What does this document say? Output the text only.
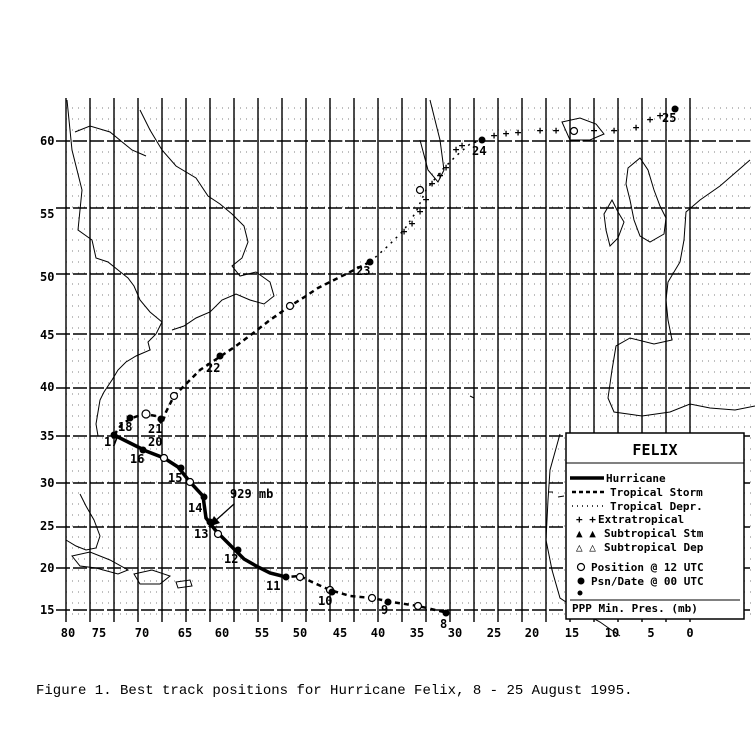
+
+
+
+
+
+
+
+ +
+ + + + +	+ + +
+ +
60
55
50
45
40
35
30
25
20
15
80 75 70 65 60 55 50 45 40 35 30 25 20 15 10 5	0
8
9
10
11
12
13
14
15
16
17
18
20
21
22
23
24
25
929 mb
FELIX
Hurricane
Tropical Storm
Tropical Depr.
+ + Extratropical
▲ ▲ Subtropical Stm
△ △ Subtropical Dep
Position @ 12 UTC
Psn/Date @ 00 UTC
PPP Min. Pres. (mb)
Figure 1. Best track positions for Hurricane Felix, 8 - 25 August 1995.
